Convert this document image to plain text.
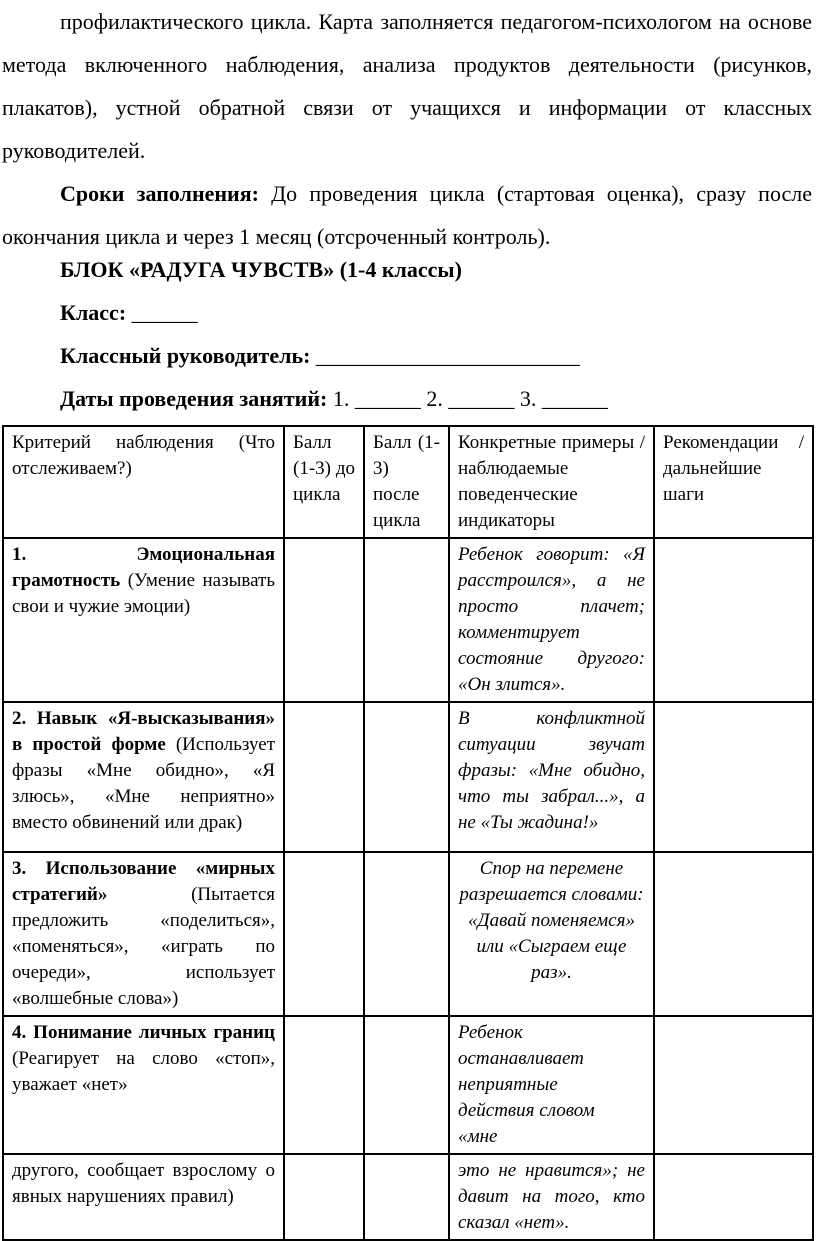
профилактического цикла. Карта заполняется педагогом-психологом на основе метода включенного наблюдения, анализа продуктов деятельности (рисунков, плакатов), устной обратной связи от учащихся и информации от классных руководителей.

Сроки заполнения: До проведения цикла (стартовая оценка), сразу после окончания цикла и через 1 месяц (отсроченный контроль).

БЛОК «РАДУГА ЧУВСТВ» (1-4 классы)

Класс: ______

Классный руководитель: ________________________

Даты проведения занятий: 1. ______ 2. ______ 3. ______

Критерий наблюдения (Что отслеживаем?)	Балл (1-3) до цикла	Балл (1-3) после цикла	Конкретные примеры / наблюдаемые поведенческие индикаторы	Рекомендации / дальнейшие шаги
1. Эмоциональная грамотность (Умение называть свои и чужие эмоции)			Ребенок говорит: «Я расстроился», а не просто плачет; комментирует состояние другого: «Он злится».	
2. Навык «Я-высказывания» в простой форме (Использует фразы «Мне обидно», «Я злюсь», «Мне неприятно» вместо обвинений или драк)			В конфликтной ситуации звучат фразы: «Мне обидно, что ты забрал...», а не «Ты жадина!»	
3. Использование «мирных стратегий» (Пытается предложить «поделиться», «поменяться», «играть по очереди», использует «волшебные слова»)			Спор на перемене разрешается словами: «Давай поменяемся» или «Сыграем еще раз».	
4. Понимание личных границ (Реагирует на слово «стоп», уважает «нет»			Ребенок останавливает неприятные действия словом «мне	
другого, сообщает взрослому о явных нарушениях правил)			это не нравится»; не давит на того, кто сказал «нет».	
